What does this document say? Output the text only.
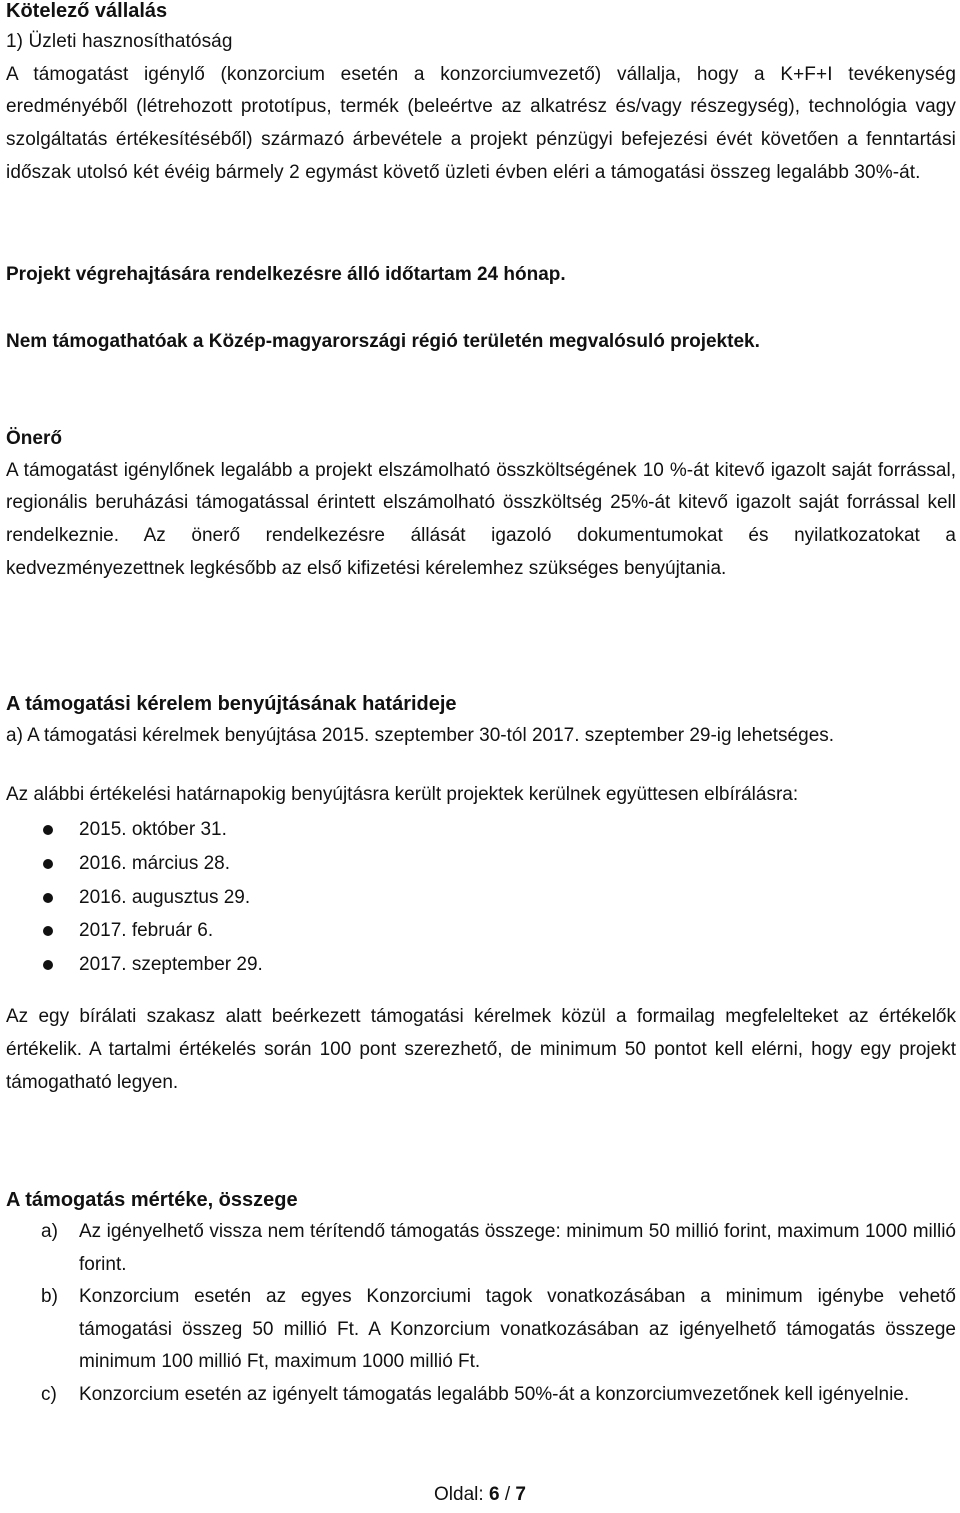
Kötelező vállalás

1) Üzleti hasznosíthatóság

A támogatást igénylő (konzorcium esetén a konzorciumvezető) vállalja, hogy a K+F+I tevékenység eredményéből (létrehozott prototípus, termék (beleértve az alkatrész és/vagy részegység), technológia vagy szolgáltatás értékesítéséből) származó árbevétele a projekt pénzügyi befejezési évét követően a fenntartási időszak utolsó két évéig bármely 2 egymást követő üzleti évben eléri a támogatási összeg legalább 30%-át.

Projekt végrehajtására rendelkezésre álló időtartam 24 hónap.

Nem támogathatóak a Közép-magyarországi régió területén megvalósuló projektek.

Önerő

A támogatást igénylőnek legalább a projekt elszámolható összköltségének 10 %-át kitevő igazolt saját forrással, regionális beruházási támogatással érintett elszámolható összköltség 25%-át kitevő igazolt saját forrással kell rendelkeznie. Az önerő rendelkezésre állását igazoló dokumentumokat és nyilatkozatokat a kedvezményezettnek legkésőbb az első kifizetési kérelemhez szükséges benyújtania.

A támogatási kérelem benyújtásának határideje

a) A támogatási kérelmek benyújtása 2015. szeptember 30-tól 2017. szeptember 29-ig lehetséges.

Az alábbi értékelési határnapokig benyújtásra került projektek kerülnek együttesen elbírálásra:

2015. október 31.
2016. március 28.
2016. augusztus 29.
2017. február 6.
2017. szeptember 29.

Az egy bírálati szakasz alatt beérkezett támogatási kérelmek közül a formailag megfelelteket az értékelők értékelik. A tartalmi értékelés során 100 pont szerezhető, de minimum 50 pontot kell elérni, hogy egy projekt támogatható legyen.

A támogatás mértéke, összege

a) Az igényelhető vissza nem térítendő támogatás összege: minimum 50 millió forint, maximum 1000 millió forint.
b) Konzorcium esetén az egyes Konzorciumi tagok vonatkozásában a minimum igénybe vehető támogatási összeg 50 millió Ft. A Konzorcium vonatkozásában az igényelhető támogatás összege minimum 100 millió Ft, maximum 1000 millió Ft.
c) Konzorcium esetén az igényelt támogatás legalább 50%-át a konzorciumvezetőnek kell igényelnie.
Oldal: 6 / 7
